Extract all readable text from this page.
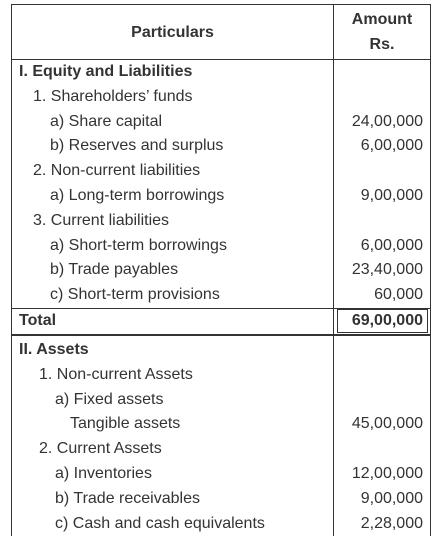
Particulars	Amount
Rs.
I. Equity and Liabilities	
1. Shareholders’ funds	
a) Share capital	24,00,000
b) Reserves and surplus	6,00,000
2. Non-current liabilities	
a) Long-term borrowings	9,00,000
3. Current liabilities	
a) Short-term borrowings	6,00,000
b) Trade payables	23,40,000
c) Short-term provisions	60,000
Total	69,00,000

II. Assets	
1. Non-current Assets	
a) Fixed assets	
Tangible assets	45,00,000
2. Current Assets	
a) Inventories	12,00,000
b) Trade receivables	9,00,000
c) Cash and cash equivalents	2,28,000
